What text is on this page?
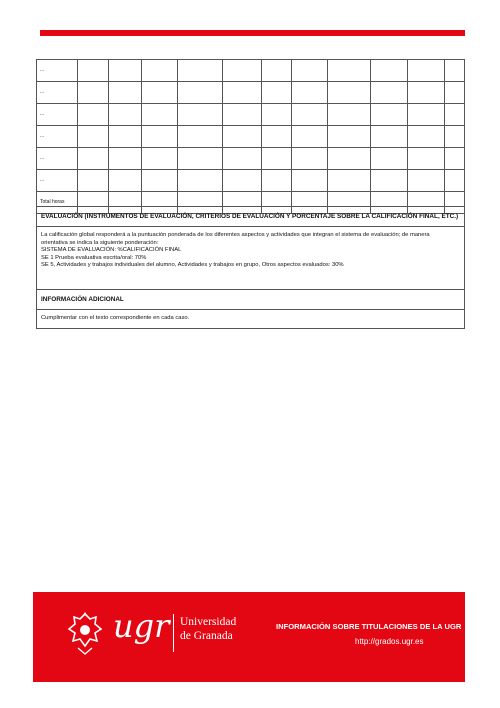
...											
...											
...											
...											
...											
...											
Total horas											
EVALUACIÓN (INSTRUMENTOS DE EVALUACIÓN, CRITERIOS DE EVALUACIÓN Y PORCENTAJE SOBRE LA CALIFICACIÓN FINAL, ETC.)
La calificación global responderá a la puntuación ponderada de los diferentes aspectos y actividades que integran el sistema de evaluación; de manera
orientativa se indica la siguiente ponderación:
SISTEMA DE EVALUACIÓN: %CALIFICACIÓN FINAL
SE 1 Prueba evaluativa escrita/oral: 70%
SE 5, Actividades y trabajos individuales del alumno, Actividades y trabajos en grupo, Otros aspectos evaluados: 30%
INFORMACIÓN ADICIONAL
Cumplimentar con el texto correspondiente en cada caso.
ugr Universidad
de Granada
INFORMACIÓN SOBRE TITULACIONES DE LA UGR
http://grados.ugr.es
